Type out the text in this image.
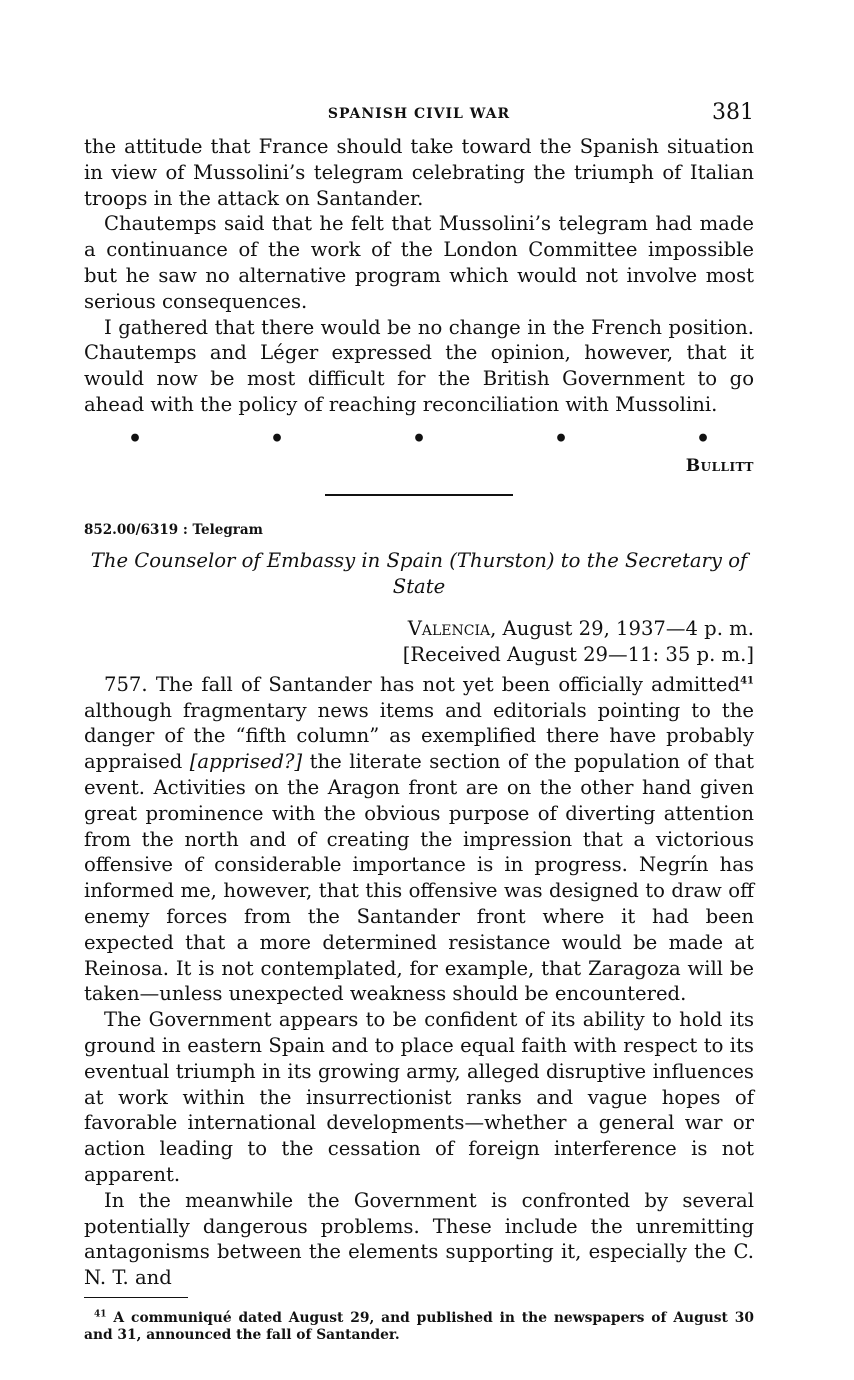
SPANISH CIVIL WAR	381

the attitude that France should take toward the Spanish situation in view of Mussolini’s telegram celebrating the triumph of Italian troops in the attack on Santander.

Chautemps said that he felt that Mussolini’s telegram had made a continuance of the work of the London Committee impossible but he saw no alternative program which would not involve most serious consequences.

I gathered that there would be no change in the French position. Chautemps and Léger expressed the opinion, however, that it would now be most difficult for the British Government to go ahead with the policy of reaching reconciliation with Mussolini.

•	•	•	•	•
Bullitt
852.00/6319 : Telegram
The Counselor of Embassy in Spain (Thurston) to the Secretary of State
Valencia, August 29, 1937—4 p. m.
[Received August 29—11: 35 p. m.]

757. The fall of Santander has not yet been officially admitted$^{41}$ although fragmentary news items and editorials pointing to the danger of the “fifth column” as exemplified there have probably appraised [apprised?] the literate section of the population of that event. Activities on the Aragon front are on the other hand given great prominence with the obvious purpose of diverting attention from the north and of creating the impression that a victorious offensive of considerable importance is in progress. Negrín has informed me, however, that this offensive was designed to draw off enemy forces from the Santander front where it had been expected that a more determined resistance would be made at Reinosa. It is not contemplated, for example, that Zaragoza will be taken—unless unexpected weakness should be encountered.

The Government appears to be confident of its ability to hold its ground in eastern Spain and to place equal faith with respect to its eventual triumph in its growing army, alleged disruptive influences at work within the insurrectionist ranks and vague hopes of favorable international developments—whether a general war or action leading to the cessation of foreign interference is not apparent.

In the meanwhile the Government is confronted by several potentially dangerous problems. These include the unremitting antagonisms between the elements supporting it, especially the C. N. T. and

$^{41}$ A communiqué dated August 29, and published in the newspapers of August 30 and 31, announced the fall of Santander.
